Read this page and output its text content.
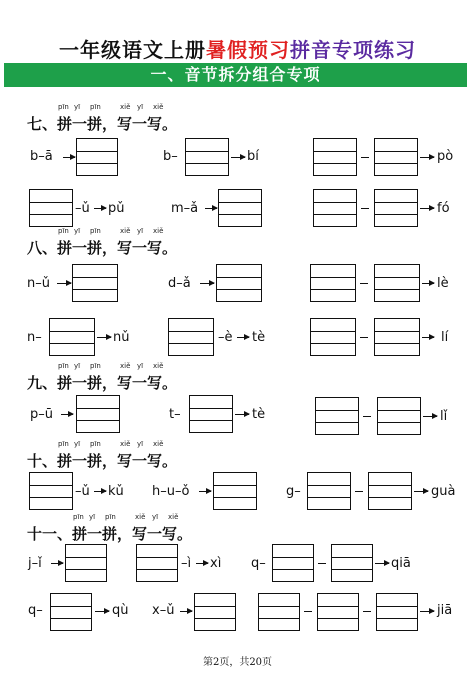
一年级语文上册暑假预习拼音专项练习
一、音节拆分组合专项
七、拼一拼，写一写。
pīn yī pīn	xiě yī xiě
八、拼一拼，写一写。
pīn yī pīn	xiě yī xiě
九、拼一拼，写一写。
pīn yī pīn	xiě yī xiě
十、拼一拼，写一写。
pīn yī pīn	xiě yī xiě
十一、拼一拼，写一写。
pīn yī pīn	xiě yī xiě
b–ā	b–	bí	pò
–ǔ pǔ	m–ǎ	fó
n–ǔ	d–ǎ	lè
n–	nǔ	–è tè	lí
p–ū	t–	tè	lǐ
–ǔ kǔ h–u–ǒ	g–	guà
j–ǐ	–ì xì q–	qiā
q–	qù x–ǔ	jiā
第2页，共20页
